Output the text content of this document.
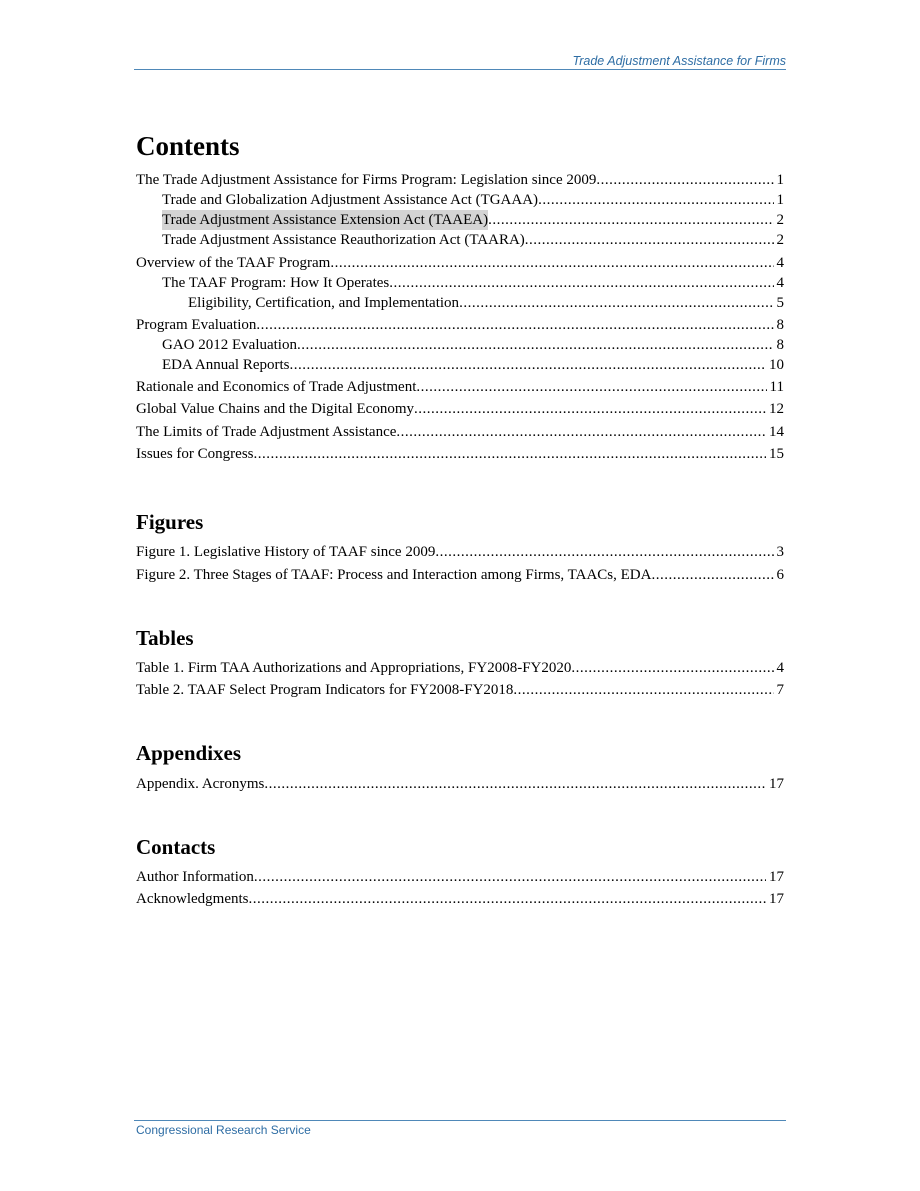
Trade Adjustment Assistance for Firms
Contents
The Trade Adjustment Assistance for Firms Program: Legislation since 2009 .....	1
Trade and Globalization Adjustment Assistance Act (TGAAA) .....	1
Trade Adjustment Assistance Extension Act (TAAEA) .....	2
Trade Adjustment Assistance Reauthorization Act (TAARA) .....	2
Overview of the TAAF Program .....	4
The TAAF Program: How It Operates .....	4
Eligibility, Certification, and Implementation .....	5
Program Evaluation .....	8
GAO 2012 Evaluation .....	8
EDA Annual Reports .....	10
Rationale and Economics of Trade Adjustment .....	11
Global Value Chains and the Digital Economy .....	12
The Limits of Trade Adjustment Assistance .....	14
Issues for Congress .....	15
Figures
Figure 1. Legislative History of TAAF since 2009 .....	3
Figure 2. Three Stages of TAAF: Process and Interaction among Firms, TAACs, EDA .....	6
Tables
Table 1. Firm TAA Authorizations and Appropriations, FY2008-FY2020 .....	4
Table 2. TAAF Select Program Indicators for FY2008-FY2018 .....	7
Appendixes
Appendix. Acronyms .....	17
Contacts
Author Information .....	17
Acknowledgments .....	17
Congressional Research Service
